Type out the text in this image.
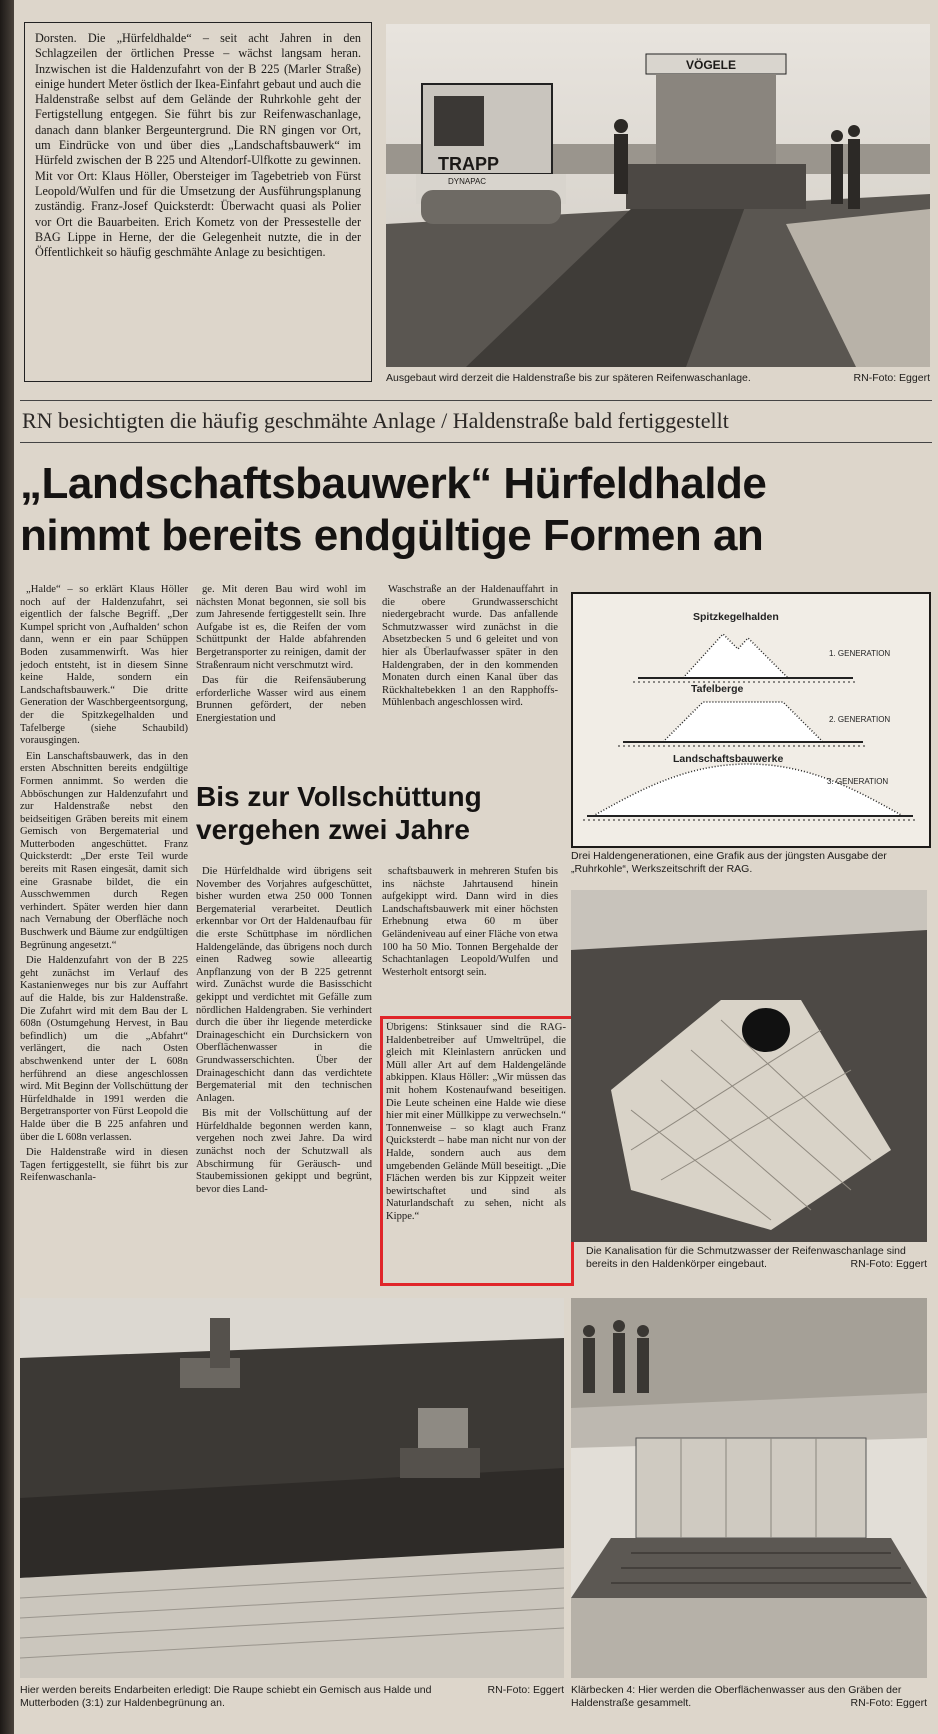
Dorsten. Die „Hürfeldhalde“ – seit acht Jahren in den Schlagzeilen der örtlichen Presse – wächst langsam heran. Inzwischen ist die Haldenzufahrt von der B 225 (Marler Straße) einige hundert Meter östlich der Ikea-Einfahrt gebaut und auch die Haldenstraße selbst auf dem Gelände der Ruhrkohle geht der Fertigstellung entgegen. Sie führt bis zur Reifenwaschanlage, danach dann blanker Bergeuntergrund. Die RN gingen vor Ort, um Eindrücke von und über dies „Landschaftsbauwerk“ im Hürfeld zwischen der B 225 und Altendorf-Ulfkotte zu gewinnen. Mit vor Ort: Klaus Höller, Obersteiger im Tagebetrieb von Fürst Leopold/Wulfen und für die Umsetzung der Ausführungsplanung zuständig. Franz-Josef Quicksterdt: Überwacht quasi als Polier vor Ort die Bauarbeiten. Erich Kometz von der Pressestelle der BAG Lippe in Herne, der die Gelegenheit nutzte, die in der Öffentlichkeit so häufig geschmähte Anlage zu besichtigen.
TRAPP
DYNAPAC
VÖGELE
RN-Foto: Eggert
Ausgebaut wird derzeit die Haldenstraße bis zur späteren Reifenwaschanlage.
RN besichtigten die häufig geschmähte Anlage / Haldenstraße bald fertiggestellt
„Landschaftsbauwerk“ Hürfeldhalde
nimmt bereits endgültige Formen an

„Halde“ – so erklärt Klaus Höller noch auf der Haldenzufahrt, sei eigentlich der falsche Begriff. „Der Kumpel spricht von ‚Aufhalden‘ schon dann, wenn er ein paar Schüppen Boden zusammenwirft. Was hier jedoch entsteht, ist in diesem Sinne keine Halde, sondern ein Landschaftsbauwerk.“ Die dritte Generation der Waschbergeentsorgung, der die Spitzkegelhalden und Tafelberge (siehe Schaubild) vorausgingen.

Ein Lanschaftsbauwerk, das in den ersten Abschnitten bereits endgültige Formen annimmt. So werden die Abböschungen zur Haldenzufahrt und zur Haldenstraße nebst den beidseitigen Gräben bereits mit einem Gemisch von Bergematerial und Mutterboden angeschüttet. Franz Quicksterdt: „Der erste Teil wurde bereits mit Rasen eingesät, damit sich eine Grasnabe bildet, die ein Ausschwemmen durch Regen verhindert. Später werden hier dann nach Vernabung der Oberfläche noch Buschwerk und Bäume zur endgültigen Begrünung angesetzt.“

Die Haldenzufahrt von der B 225 geht zunächst im Verlauf des Kastanienweges nur bis zur Auffahrt auf die Halde, bis zur Haldenstraße. Die Zufahrt wird mit dem Bau der L 608n (Ostumgehung Hervest, in Bau befindlich) um die „Abfahrt“ verlängert, die nach Osten abschwenkend unter der L 608n herführend an diese angeschlossen wird. Mit Beginn der Vollschüttung der Hürfeldhalde in 1991 werden die Bergetransporter von Fürst Leopold die Halde über die B 225 anfahren und über die L 608n verlassen.

Die Haldenstraße wird in diesen Tagen fertiggestellt, sie führt bis zur Reifenwaschanla-

ge. Mit deren Bau wird wohl im nächsten Monat begonnen, sie soll bis zum Jahresende fertiggestellt sein. Ihre Aufgabe ist es, die Reifen der vom Schüttpunkt der Halde abfahrenden Bergetransporter zu reinigen, damit der Straßenraum nicht verschmutzt wird.

Das für die Reifensäuberung erforderliche Wasser wird aus einem Brunnen gefördert, der neben Energiestation und

Waschstraße an der Haldenauffahrt in die obere Grundwasserschicht niedergebracht wurde. Das anfallende Schmutzwasser wird zunächst in die Absetzbecken 5 und 6 geleitet und von hier als Überlaufwasser später in den Haldengraben, der in den kommenden Monaten durch einen Kanal über das Rückhaltebekken 1 an den Rapphoffs-Mühlenbach angeschlossen wird.

Bis zur Vollschüttung
vergehen zwei Jahre

Die Hürfeldhalde wird übrigens seit November des Vorjahres aufgeschüttet, bisher wurden etwa 250 000 Tonnen Bergematerial verarbeitet. Deutlich erkennbar vor Ort der Haldenaufbau für die erste Schüttphase im nördlichen Haldengelände, das übrigens noch durch einen Radweg sowie alleeartig Anpflanzung von der B 225 getrennt wird. Zunächst wurde die Basisschicht gekippt und verdichtet mit Gefälle zum nördlichen Haldengraben. Sie verhindert durch die über ihr liegende meterdicke Drainageschicht ein Durchsickern von Oberflächenwasser in die Grundwasserschichten. Über der Drainageschicht dann das verdichtete Bergematerial mit den technischen Anlagen.

Bis mit der Vollschüttung auf der Hürfeldhalde begonnen werden kann, vergehen noch zwei Jahre. Da wird zunächst noch der Schutzwall als Abschirmung für Geräusch- und Staubemissionen gekippt und begrünt, bevor dies Land-

schaftsbauwerk in mehreren Stufen bis ins nächste Jahrtausend hinein aufgekippt wird. Dann wird in dies Landschaftsbauwerk mit einer höchsten Erhebnung etwa 60 m über Geländeniveau auf einer Fläche von etwa 100 ha 50 Mio. Tonnen Bergehalde der Schachtanlagen Leopold/Wulfen und Westerholt entsorgt sein.

Übrigens: Stinksauer sind die RAG-Haldenbetreiber auf Umweltrüpel, die gleich mit Kleinlastern anrücken und Müll aller Art auf dem Haldengelände abkippen. Klaus Höller: „Wir müssen das mit hohem Kostenaufwand beseitigen. Die Leute scheinen eine Halde wie diese hier mit einer Müllkippe zu verwechseln.“ Tonnenweise – so klagt auch Franz Quicksterdt – habe man nicht nur von der Halde, sondern auch aus dem umgebenden Gelände Müll beseitigt. „Die Flächen werden bis zur Kippzeit weiter bewirtschaftet und sind als Naturlandschaft zu sehen, nicht als Kippe.“

Spitzkegelhalden
1. GENERATION
Tafelberge
2. GENERATION
Landschaftsbauwerke
3. GENERATION
Drei Haldengenerationen, eine Grafik aus der jüngsten Ausgabe der „Ruhrkohle“, Werkszeitschrift der RAG.
Die Kanalisation für die Schmutzwasser der Reifenwaschanlage sind bereits in den Haldenkörper eingebaut.	RN-Foto: Eggert
RN-Foto: Eggert
Hier werden bereits Endarbeiten erledigt: Die Raupe schiebt ein Gemisch aus Halde und Mutterboden (3:1) zur Haldenbegrünung an.
Klärbecken 4: Hier werden die Oberflächenwasser aus den Gräben der Haldenstraße gesammelt.	RN-Foto: Eggert
